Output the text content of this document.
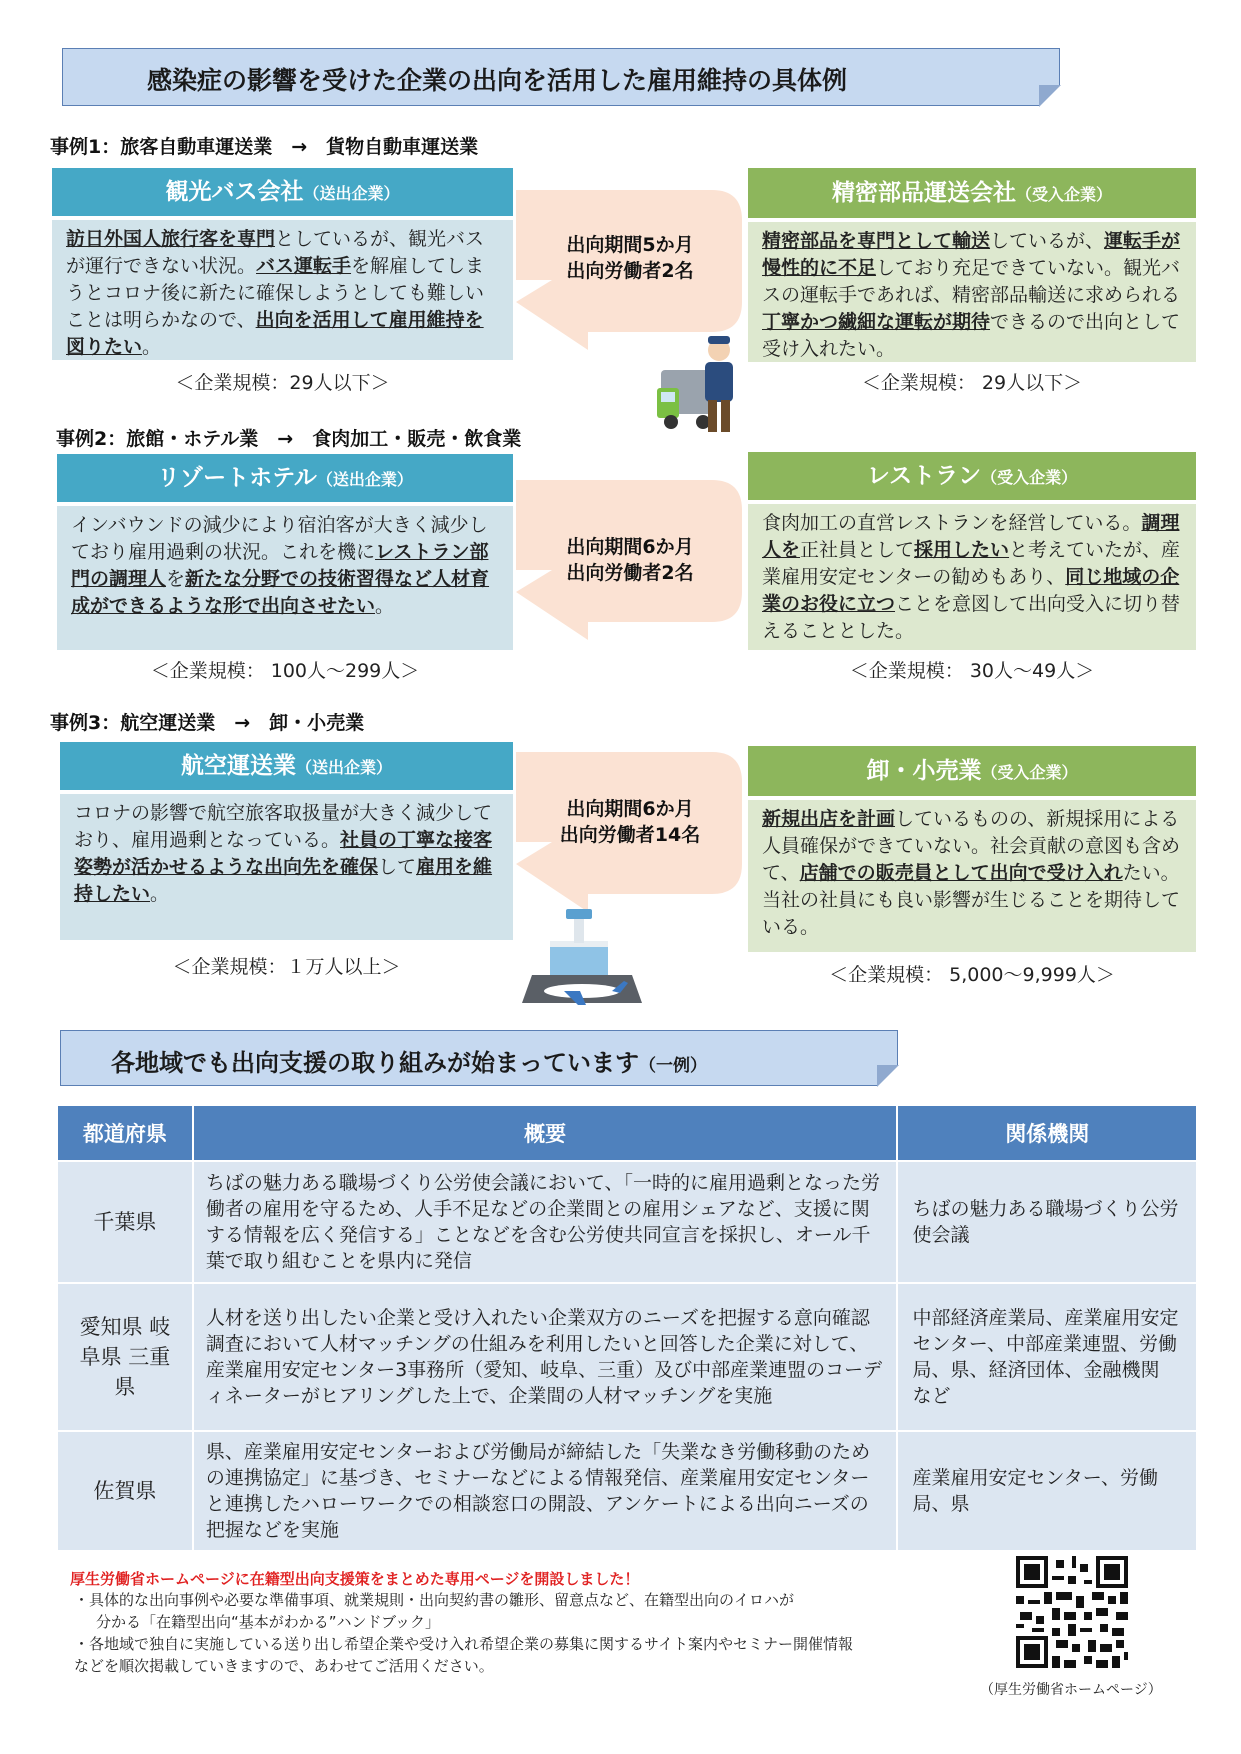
感染症の影響を受けた企業の出向を活用した雇用維持の具体例
事例1：旅客自動車運送業　→　貨物自動車運送業
観光バス会社（送出企業）
訪日外国人旅行客を専門としているが、観光バスが運行できない状況。バス運転手を解雇してしまうとコロナ後に新たに確保しようとしても難しいことは明らかなので、出向を活用して雇用維持を図りたい。
＜企業規模：29人以下＞
出向期間5か月
出向労働者2名
精密部品運送会社（受入企業）
精密部品を専門として輸送しているが、運転手が慢性的に不足しており充足できていない。観光バスの運転手であれば、精密部品輸送に求められる丁寧かつ繊細な運転が期待できるので出向として受け入れたい。
＜企業規模： 29人以下＞
事例2：旅館・ホテル業　→　食肉加工・販売・飲食業
リゾートホテル（送出企業）
インバウンドの減少により宿泊客が大きく減少しており雇用過剰の状況。これを機にレストラン部門の調理人を新たな分野での技術習得など人材育成ができるような形で出向させたい。
＜企業規模： 100人～299人＞
出向期間6か月
出向労働者2名
レストラン（受入企業）
食肉加工の直営レストランを経営している。調理人を正社員として採用したいと考えていたが、産業雇用安定センターの勧めもあり、同じ地域の企業のお役に立つことを意図して出向受入に切り替えることとした。
＜企業規模： 30人～49人＞
事例3：航空運送業　→　卸・小売業
航空運送業（送出企業）
コロナの影響で航空旅客取扱量が大きく減少しており、雇用過剰となっている。社員の丁寧な接客姿勢が活かせるような出向先を確保して雇用を維持したい。
＜企業規模：１万人以上＞
出向期間6か月
出向労働者14名
卸・小売業（受入企業）
新規出店を計画しているものの、新規採用による人員確保ができていない。社会貢献の意図も含めて、店舗での販売員として出向で受け入れたい。当社の社員にも良い影響が生じることを期待している。
＜企業規模： 5,000～9,999人＞
各地域でも出向支援の取り組みが始まっています（一例）
都道府県	概要	関係機関
千葉県	ちばの魅力ある職場づくり公労使会議において、「一時的に雇用過剰となった労働者の雇用を守るため、人手不足などの企業間との雇用シェアなど、支援に関する情報を広く発信する」ことなどを含む公労使共同宣言を採択し、オール千葉で取り組むことを県内に発信	ちばの魅力ある職場づくり公労使会議
愛知県 岐阜県 三重県	人材を送り出したい企業と受け入れたい企業双方のニーズを把握する意向確認調査において人材マッチングの仕組みを利用したいと回答した企業に対して、産業雇用安定センター3事務所（愛知、岐阜、三重）及び中部産業連盟のコーディネーターがヒアリングした上で、企業間の人材マッチングを実施	中部経済産業局、産業雇用安定センター、中部産業連盟、労働局、県、経済団体、金融機関　など
佐賀県	県、産業雇用安定センターおよび労働局が締結した「失業なき労働移動のための連携協定」に基づき、セミナーなどによる情報発信、産業雇用安定センターと連携したハローワークでの相談窓口の開設、アンケートによる出向ニーズの把握などを実施	産業雇用安定センター、労働局、県
厚生労働省ホームページに在籍型出向支援策をまとめた専用ページを開設しました！
・具体的な出向事例や必要な準備事項、就業規則・出向契約書の雛形、留意点など、在籍型出向のイロハが
分かる「在籍型出向“基本がわかる”ハンドブック」
・各地域で独自に実施している送り出し希望企業や受け入れ希望企業の募集に関するサイト案内やセミナー開催情報
などを順次掲載していきますので、あわせてご活用ください。
（厚生労働省ホームページ）
